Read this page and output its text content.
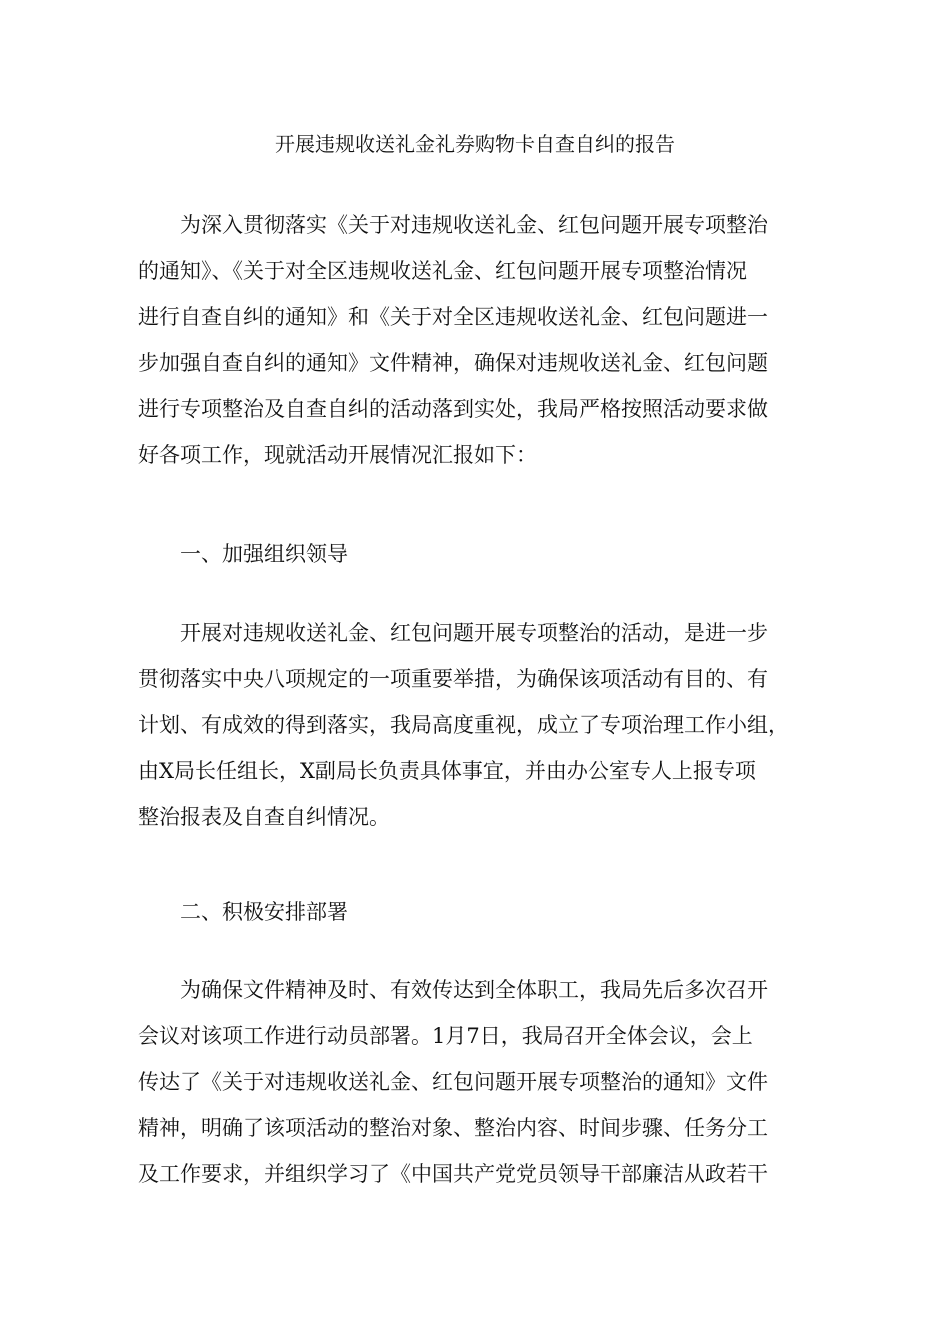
开展违规收送礼金礼券购物卡自查自纠的报告
为深入贯彻落实《关于对违规收送礼金、红包问题开展专项整治
的通知》、《关于对全区违规收送礼金、红包问题开展专项整治情况
进行自查自纠的通知》和《关于对全区违规收送礼金、红包问题进一
步加强自查自纠的通知》文件精神，确保对违规收送礼金、红包问题
进行专项整治及自查自纠的活动落到实处，我局严格按照活动要求做
好各项工作，现就活动开展情况汇报如下：
一、加强组织领导
开展对违规收送礼金、红包问题开展专项整治的活动，是进一步
贯彻落实中央八项规定的一项重要举措，为确保该项活动有目的、有
计划、有成效的得到落实，我局高度重视，成立了专项治理工作小组，
由X局长任组长，X副局长负责具体事宜，并由办公室专人上报专项
整治报表及自查自纠情况。
二、积极安排部署
为确保文件精神及时、有效传达到全体职工，我局先后多次召开
会议对该项工作进行动员部署。1月7日，我局召开全体会议，会上
传达了《关于对违规收送礼金、红包问题开展专项整治的通知》文件
精神，明确了该项活动的整治对象、整治内容、时间步骤、任务分工
及工作要求，并组织学习了《中国共产党党员领导干部廉洁从政若干
